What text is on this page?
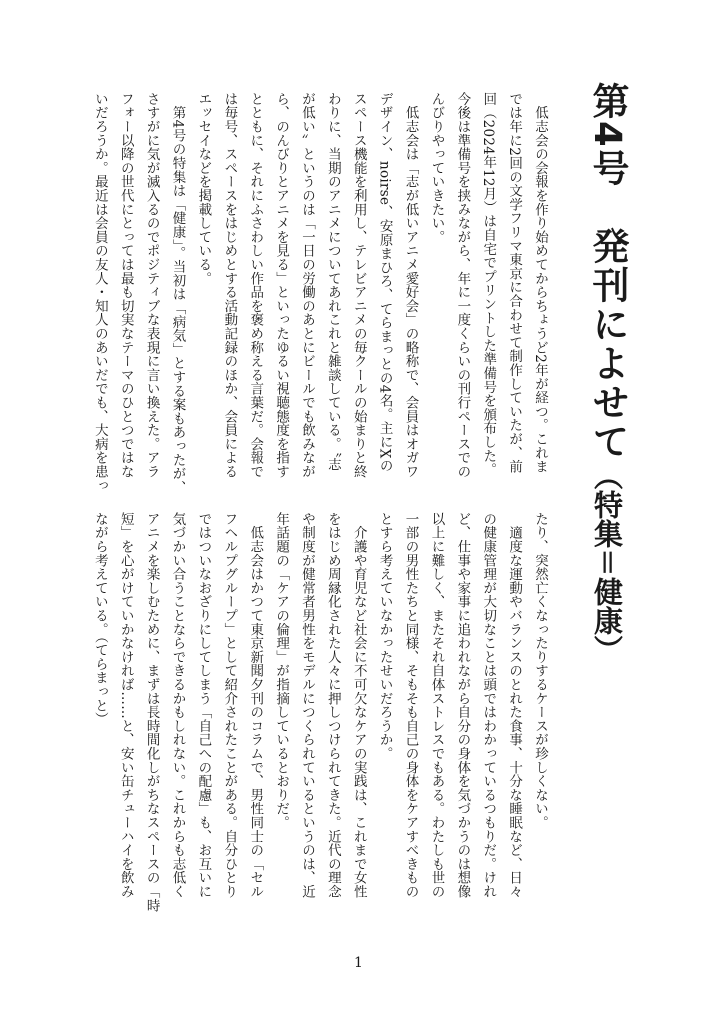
第4号　発刊によせて（特集＝健康）
　低志会の会報を作り始めてからちょうど2年が経つ。これま
では年に2回の文学フリマ東京に合わせて制作していたが、前
回（2024年12月）は自宅でプリントした準備号を頒布した。
今後は準備号を挟みながら、年に一度くらいの刊行ペースでの
んびりやっていきたい。
　低志会は「志が低いアニメ愛好会」の略称で、会員はオガワ
デザイン、noirse、安原まひろ、てらまっとの4名。主にXの
スペース機能を利用し、テレビアニメの毎クールの始まりと終
わりに、当期のアニメについてあれこれと雑談している。〝志
が低い〟というのは「一日の労働のあとにビールでも飲みなが
ら、のんびりとアニメを見る」といったゆるい視聴態度を指す
とともに、それにふさわしい作品を褒め称える言葉だ。会報で
は毎号、スペースをはじめとする活動記録のほか、会員による
エッセイなどを掲載している。
　第4号の特集は「健康」。当初は「病気」とする案もあったが、
さすがに気が滅入るのでポジティブな表現に言い換えた。アラ
フォー以降の世代にとっては最も切実なテーマのひとつではな
いだろうか。最近は会員の友人・知人のあいだでも、大病を患っ
たり、突然亡くなったりするケースが珍しくない。
　適度な運動やバランスのとれた食事、十分な睡眠など、日々
の健康管理が大切なことは頭ではわかっているつもりだ。けれ
ど、仕事や家事に追われながら自分の身体を気づかうのは想像
以上に難しく、またそれ自体ストレスでもある。わたしも世の
一部の男性たちと同様、そもそも自己の身体をケアすべきもの
とすら考えていなかったせいだろうか。
　介護や育児など社会に不可欠なケアの実践は、これまで女性
をはじめ周縁化された人々に押しつけられてきた。近代の理念
や制度が健常者男性をモデルにつくられているというのは、近
年話題の「ケアの倫理」が指摘しているとおりだ。
　低志会はかつて東京新聞夕刊のコラムで、男性同士の「セル
フヘルプグループ」として紹介されたことがある。自分ひとり
ではついなおざりにしてしまう「自己への配慮」も、お互いに
気づかい合うことならできるかもしれない。これからも志低く
アニメを楽しむために、まずは長時間化しがちなスペースの「時
短」を心がけていかなければ……と、安い缶チューハイを飲み
ながら考えている。（てらまっと）
1
